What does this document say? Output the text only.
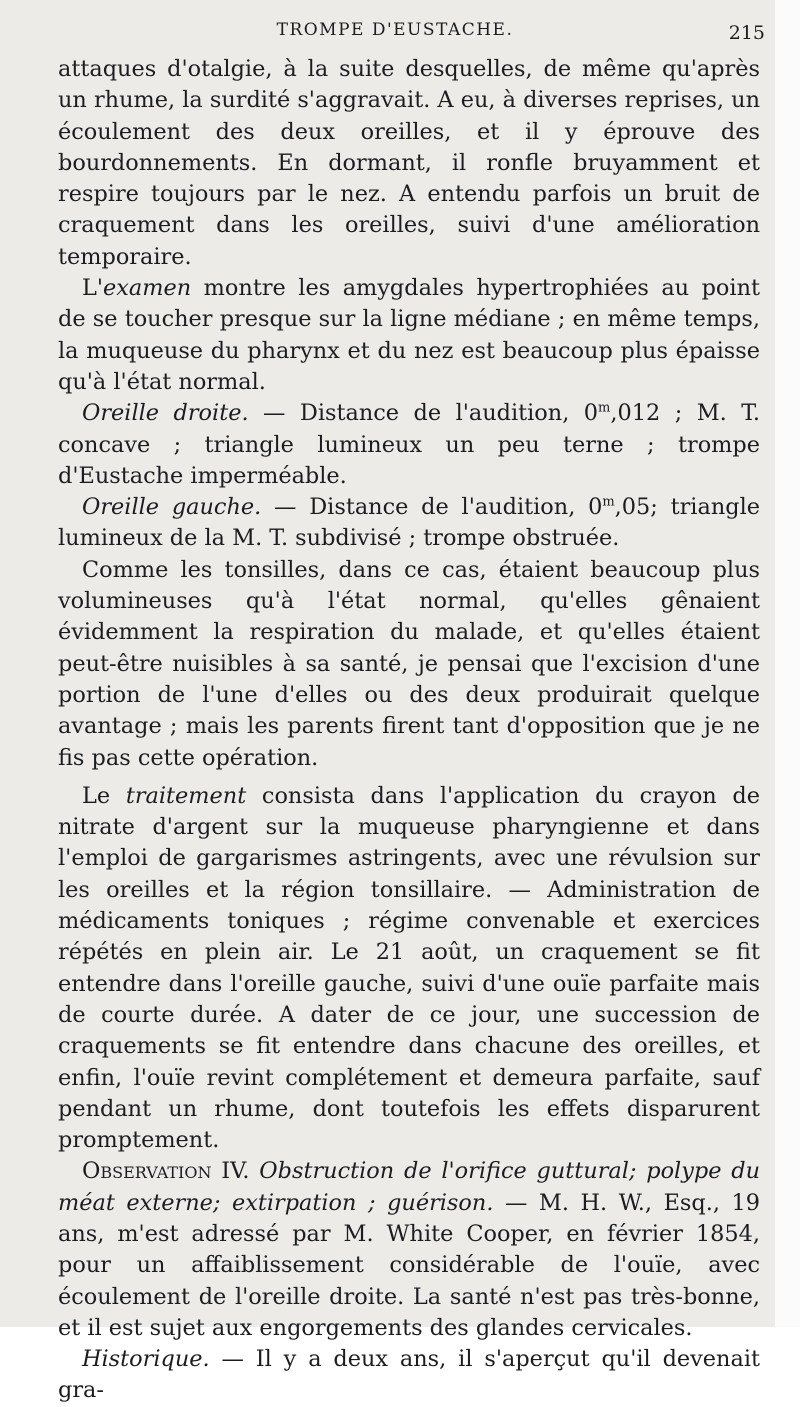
TROMPE D'EUSTACHE.	215

attaques d'otalgie, à la suite desquelles, de même qu'après un rhume, la surdité s'aggravait. A eu, à diverses reprises, un écoulement des deux oreilles, et il y éprouve des bourdonnements. En dormant, il ronfle bruyamment et respire toujours par le nez. A entendu parfois un bruit de craquement dans les oreilles, suivi d'une amélioration temporaire.

L'examen montre les amygdales hypertrophiées au point de se toucher presque sur la ligne médiane ; en même temps, la muqueuse du pharynx et du nez est beaucoup plus épaisse qu'à l'état normal.

Oreille droite. — Distance de l'audition, 0$^m$,012 ; M. T. concave ; triangle lumineux un peu terne ; trompe d'Eustache imperméable.

Oreille gauche. — Distance de l'audition, 0$^m$,05; triangle lumineux de la M. T. subdivisé ; trompe obstruée.

Comme les tonsilles, dans ce cas, étaient beaucoup plus volumineuses qu'à l'état normal, qu'elles gênaient évidemment la respiration du malade, et qu'elles étaient peut-être nuisibles à sa santé, je pensai que l'excision d'une portion de l'une d'elles ou des deux produirait quelque avantage ; mais les parents firent tant d'opposition que je ne fis pas cette opération.

Le traitement consista dans l'application du crayon de nitrate d'argent sur la muqueuse pharyngienne et dans l'emploi de gargarismes astringents, avec une révulsion sur les oreilles et la région tonsillaire. — Administration de médicaments toniques ; régime convenable et exercices répétés en plein air. Le 21 août, un craquement se fit entendre dans l'oreille gauche, suivi d'une ouïe parfaite mais de courte durée. A dater de ce jour, une succession de craquements se fit entendre dans chacune des oreilles, et enfin, l'ouïe revint complétement et demeura parfaite, sauf pendant un rhume, dont toutefois les effets disparurent promptement.

Observation IV. Obstruction de l'orifice guttural; polype du méat externe; extirpation ; guérison. — M. H. W., Esq., 19 ans, m'est adressé par M. White Cooper, en février 1854, pour un affaiblissement considérable de l'ouïe, avec écoulement de l'oreille droite. La santé n'est pas très-bonne, et il est sujet aux engorgements des glandes cervicales.

Historique. — Il y a deux ans, il s'aperçut qu'il devenait gra-
